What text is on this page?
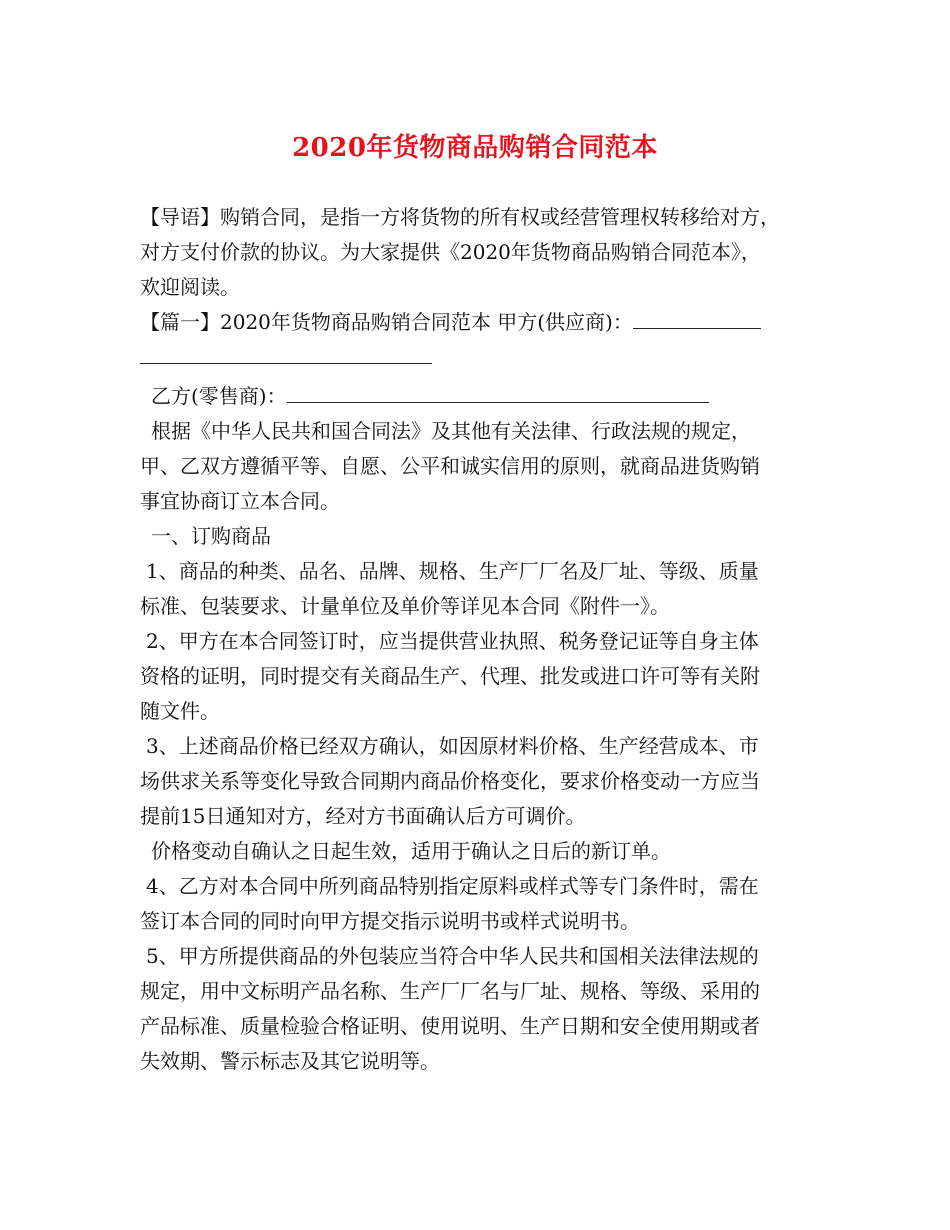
2020年货物商品购销合同范本
【导语】购销合同，是指一方将货物的所有权或经营管理权转移给对方，
对方支付价款的协议。为大家提供《2020年货物商品购销合同范本》，
欢迎阅读。
【篇一】2020年货物商品购销合同范本 甲方(供应商)：
乙方(零售商)：
根据《中华人民共和国合同法》及其他有关法律、行政法规的规定，
甲、乙双方遵循平等、自愿、公平和诚实信用的原则，就商品进货购销
事宜协商订立本合同。
一、订购商品
1、商品的种类、品名、品牌、规格、生产厂厂名及厂址、等级、质量
标准、包装要求、计量单位及单价等详见本合同《附件一》。
2、甲方在本合同签订时，应当提供营业执照、税务登记证等自身主体
资格的证明，同时提交有关商品生产、代理、批发或进口许可等有关附
随文件。
3、上述商品价格已经双方确认，如因原材料价格、生产经营成本、市
场供求关系等变化导致合同期内商品价格变化，要求价格变动一方应当
提前15日通知对方，经对方书面确认后方可调价。
价格变动自确认之日起生效，适用于确认之日后的新订单。
4、乙方对本合同中所列商品特别指定原料或样式等专门条件时，需在
签订本合同的同时向甲方提交指示说明书或样式说明书。
5、甲方所提供商品的外包装应当符合中华人民共和国相关法律法规的
规定，用中文标明产品名称、生产厂厂名与厂址、规格、等级、采用的
产品标准、质量检验合格证明、使用说明、生产日期和安全使用期或者
失效期、警示标志及其它说明等。
